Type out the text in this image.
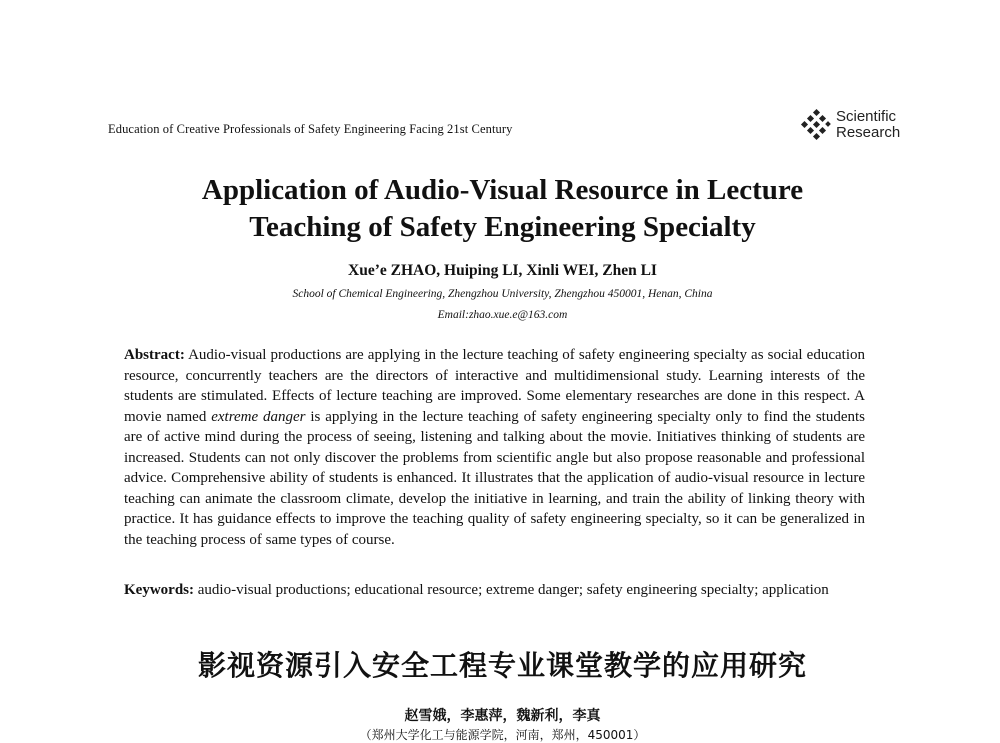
Education of Creative Professionals of Safety Engineering Facing 21st Century
Scientific
Research
Application of Audio-Visual Resource in Lecture
Teaching of Safety Engineering Specialty
Xue’e ZHAO, Huiping LI, Xinli WEI, Zhen LI
School of Chemical Engineering, Zhengzhou University, Zhengzhou 450001, Henan, China
Email:zhao.xue.e@163.com
Abstract: Audio-visual productions are applying in the lecture teaching of safety engineering specialty as social education resource, concurrently teachers are the directors of interactive and multidimensional study. Learning interests of the students are stimulated. Effects of lecture teaching are improved. Some elementary researches are done in this respect. A movie named extreme danger is applying in the lecture teaching of safety engineering specialty only to find the students are of active mind during the process of seeing, listening and talking about the movie. Initiatives thinking of students are increased. Students can not only discover the problems from scientific angle but also propose reasonable and professional advice. Comprehensive ability of students is enhanced. It illustrates that the application of audio-visual resource in lecture teaching can animate the classroom climate, develop the initiative in learning, and train the ability of linking theory with practice. It has guidance effects to improve the teaching quality of safety engineering specialty, so it can be generalized in the teaching process of same types of course.
Keywords: audio-visual productions; educational resource; extreme danger; safety engineering specialty; application
影视资源引入安全工程专业课堂教学的应用研究
赵雪娥，李惠萍，魏新利，李真
（郑州大学化工与能源学院，河南，郑州，450001）
